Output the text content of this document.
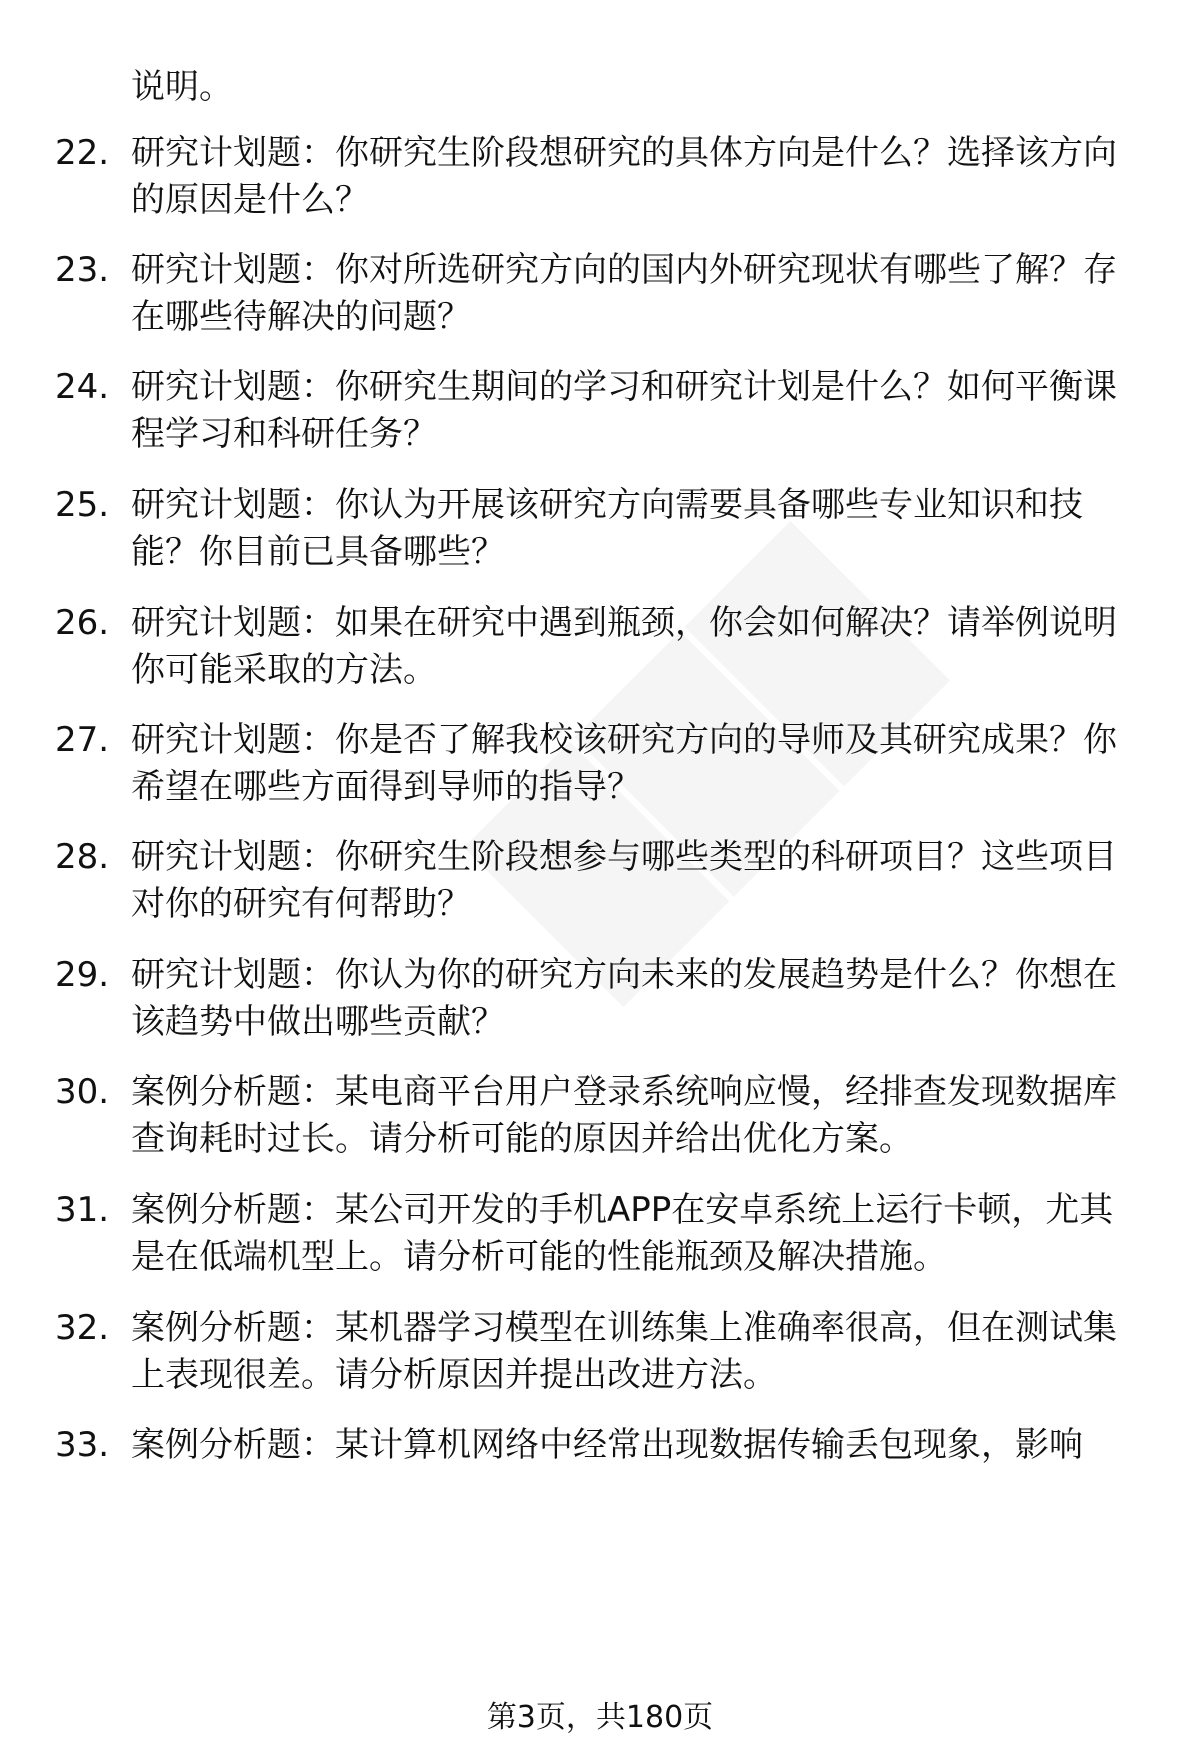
说明。
22. 研究计划题：你研究生阶段想研究的具体方向是什么？选择该方向的原因是什么？
23. 研究计划题：你对所选研究方向的国内外研究现状有哪些了解？存在哪些待解决的问题？
24. 研究计划题：你研究生期间的学习和研究计划是什么？如何平衡课程学习和科研任务？
25. 研究计划题：你认为开展该研究方向需要具备哪些专业知识和技能？你目前已具备哪些？
26. 研究计划题：如果在研究中遇到瓶颈，你会如何解决？请举例说明你可能采取的方法。
27. 研究计划题：你是否了解我校该研究方向的导师及其研究成果？你希望在哪些方面得到导师的指导？
28. 研究计划题：你研究生阶段想参与哪些类型的科研项目？这些项目对你的研究有何帮助？
29. 研究计划题：你认为你的研究方向未来的发展趋势是什么？你想在该趋势中做出哪些贡献？
30. 案例分析题：某电商平台用户登录系统响应慢，经排查发现数据库查询耗时过长。请分析可能的原因并给出优化方案。
31. 案例分析题：某公司开发的手机APP在安卓系统上运行卡顿，尤其是在低端机型上。请分析可能的性能瓶颈及解决措施。
32. 案例分析题：某机器学习模型在训练集上准确率很高，但在测试集上表现很差。请分析原因并提出改进方法。
33. 案例分析题：某计算机网络中经常出现数据传输丢包现象，影响
第3页，共180页
